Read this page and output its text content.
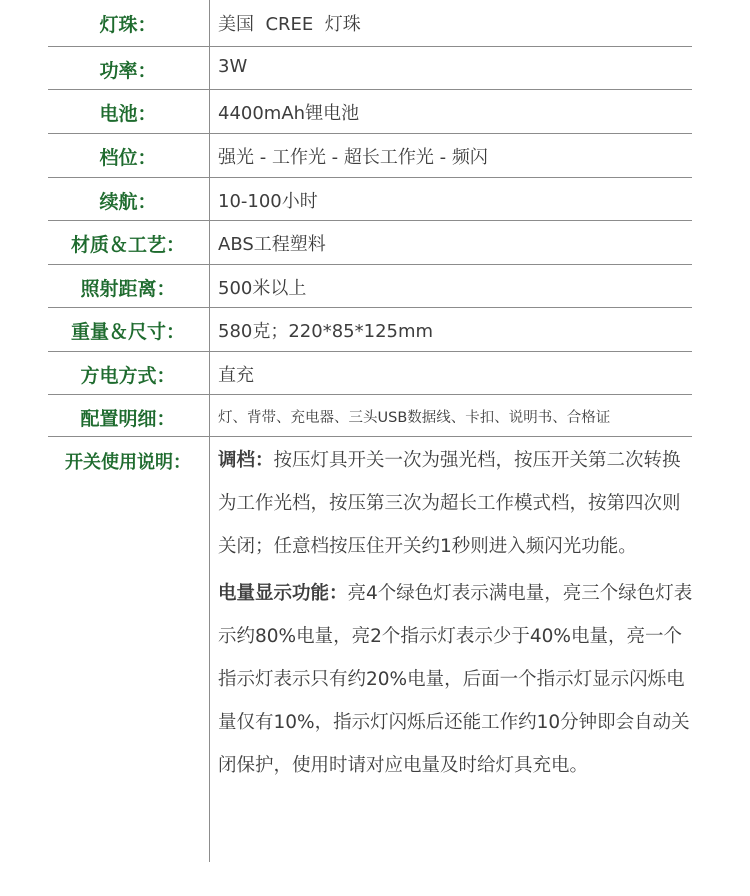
灯珠：	美国  CREE  灯珠
功率：	3W
电池：	4400mAh锂电池
档位：	强光 - 工作光 - 超长工作光 - 频闪
续航：	10-100小时
材质＆工艺：	ABS工程塑料
照射距离：	500米以上
重量＆尺寸：	580克；220*85*125mm
方电方式：	直充
配置明细：	灯、背带、充电器、三头USB数据线、卡扣、说明书、合格证
开关使用说明：	调档：按压灯具开关一次为强光档，按压开关第二次转换为工作光档，按压第三次为超长工作模式档，按第四次则关闭；任意档按压住开关约1秒则进入频闪光功能。

电量显示功能：亮4个绿色灯表示满电量，亮三个绿色灯表示约80%电量，亮2个指示灯表示少于40%电量，亮一个指示灯表示只有约20%电量，后面一个指示灯显示闪烁电量仅有10%，指示灯闪烁后还能工作约10分钟即会自动关闭保护，使用时请对应电量及时给灯具充电。
